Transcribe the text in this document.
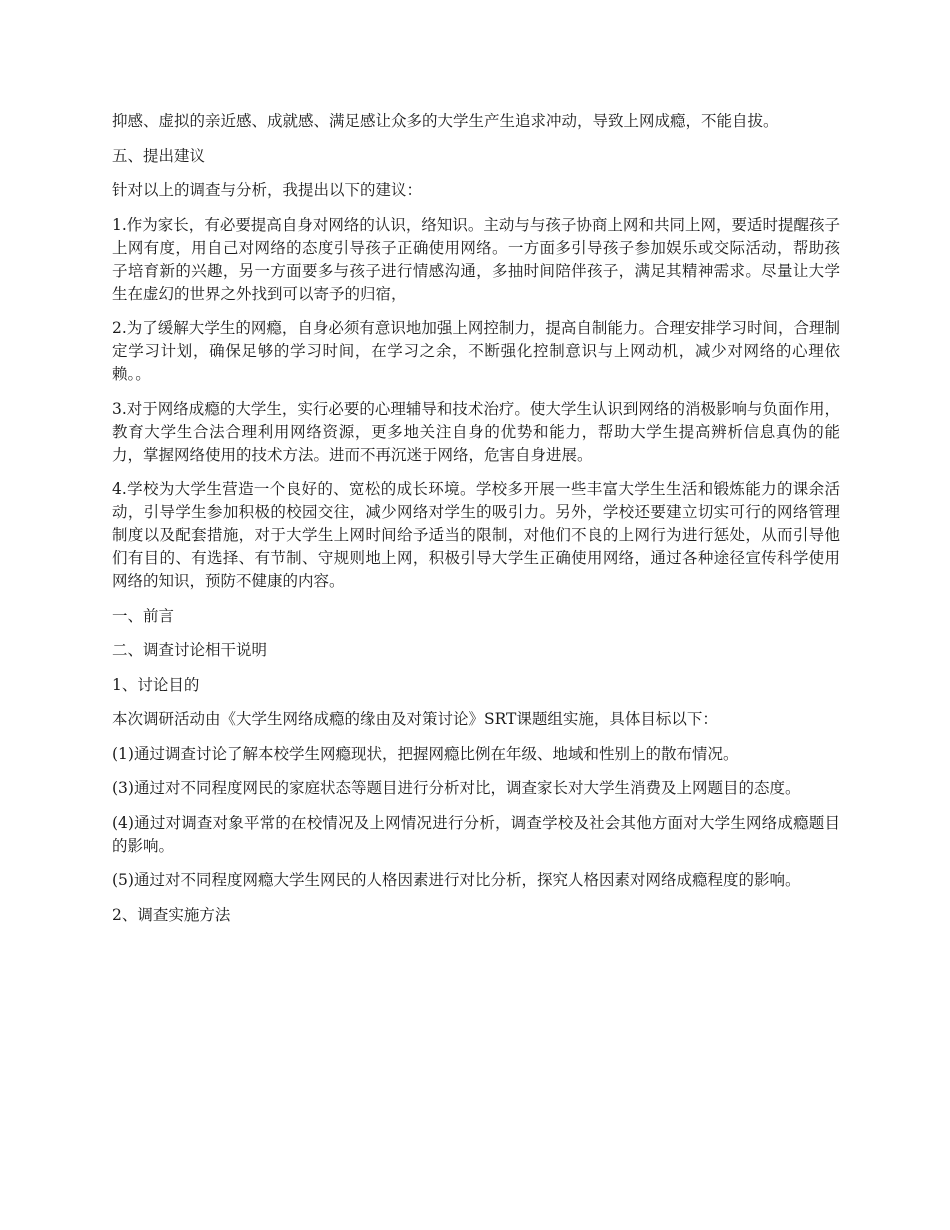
抑感、虚拟的亲近感、成就感、满足感让众多的大学生产生追求冲动，导致上网成瘾，不能自拔。

五、提出建议

针对以上的调查与分析，我提出以下的建议：

1.作为家长，有必要提高自身对网络的认识，络知识。主动与与孩子协商上网和共同上网，要适时提醒孩子上网有度，用自己对网络的态度引导孩子正确使用网络。一方面多引导孩子参加娱乐或交际活动，帮助孩子培育新的兴趣，另一方面要多与孩子进行情感沟通，多抽时间陪伴孩子，满足其精神需求。尽量让大学生在虚幻的世界之外找到可以寄予的归宿，

2.为了缓解大学生的网瘾，自身必须有意识地加强上网控制力，提高自制能力。合理安排学习时间，合理制定学习计划，确保足够的学习时间，在学习之余，不断强化控制意识与上网动机，减少对网络的心理依赖。。

3.对于网络成瘾的大学生，实行必要的心理辅导和技术治疗。使大学生认识到网络的消极影响与负面作用，教育大学生合法合理利用网络资源，更多地关注自身的优势和能力，帮助大学生提高辨析信息真伪的能力，掌握网络使用的技术方法。进而不再沉迷于网络，危害自身进展。

4.学校为大学生营造一个良好的、宽松的成长环境。学校多开展一些丰富大学生生活和锻炼能力的课余活动，引导学生参加积极的校园交往，减少网络对学生的吸引力。另外，学校还要建立切实可行的网络管理制度以及配套措施，对于大学生上网时间给予适当的限制，对他们不良的上网行为进行惩处，从而引导他们有目的、有选择、有节制、守规则地上网，积极引导大学生正确使用网络，通过各种途径宣传科学使用网络的知识，预防不健康的内容。

一、前言

二、调查讨论相干说明

1、讨论目的

本次调研活动由《大学生网络成瘾的缘由及对策讨论》SRT课题组实施，具体目标以下：

(1)通过调查讨论了解本校学生网瘾现状，把握网瘾比例在年级、地域和性别上的散布情况。

(3)通过对不同程度网民的家庭状态等题目进行分析对比，调查家长对大学生消费及上网题目的态度。

(4)通过对调查对象平常的在校情况及上网情况进行分析，调查学校及社会其他方面对大学生网络成瘾题目的影响。

(5)通过对不同程度网瘾大学生网民的人格因素进行对比分析，探究人格因素对网络成瘾程度的影响。

2、调查实施方法
